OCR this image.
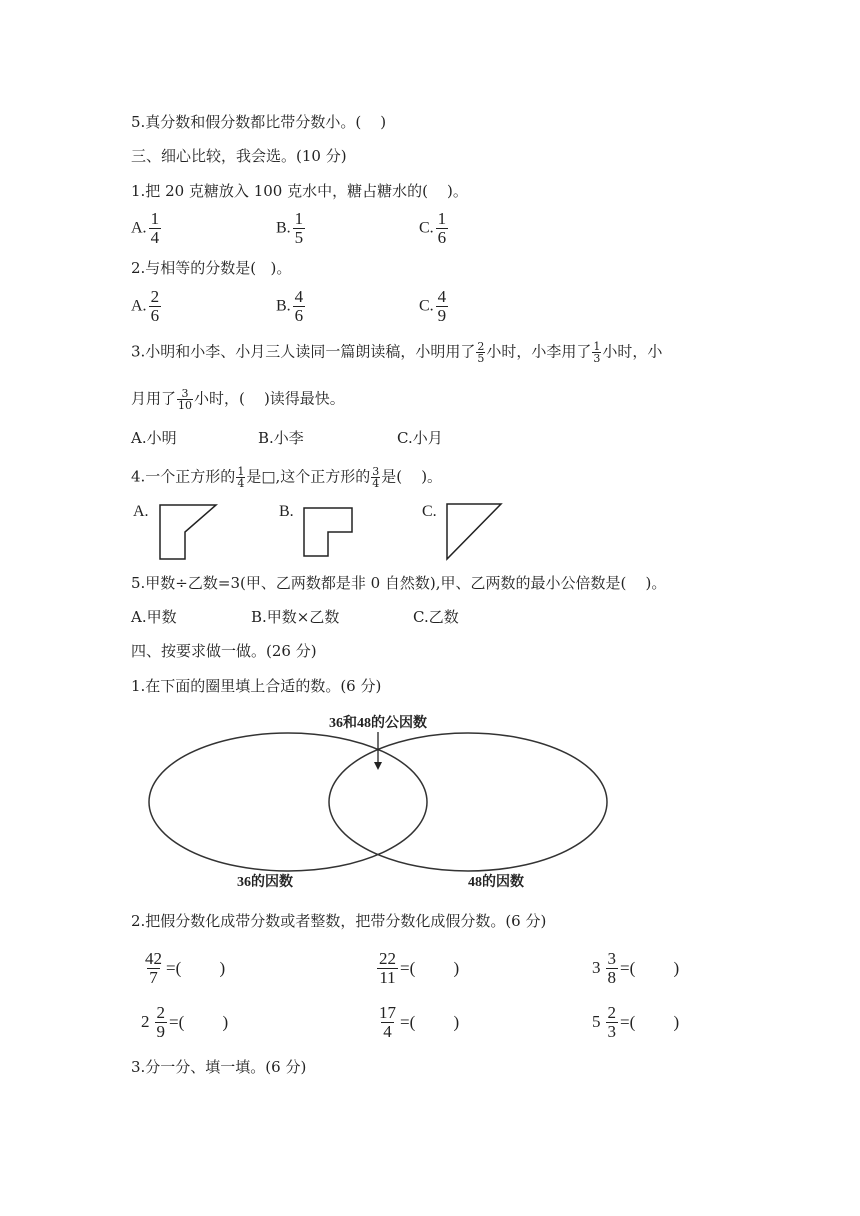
5.真分数和假分数都比带分数小。(    )
三、细心比较，我会选。(10 分)
1.把 20 克糖放入 100 克水中，糖占糖水的(    )。
A. $\frac{1}{4}$	B. $\frac{1}{5}$	C. $\frac{1}{6}$
2.与相等的分数是(   )。
A. $\frac{2}{6}$	B. $\frac{4}{6}$	C. $\frac{4}{9}$
3.小明和小李、小月三人读同一篇朗读稿，小明用了 $\frac{2}{5}$ 小时，小李用了 $\frac{1}{3}$ 小时，小
月用了 $\frac{3}{10}$ 小时，(    )读得最快。
A.小明	B.小李	C.小月
4.一个正方形的 $\frac{1}{4}$ 是□,这个正方形的 $\frac{3}{4}$ 是(    )。
A.	B.	C.
5.甲数÷乙数=3(甲、乙两数都是非 0 自然数),甲、乙两数的最小公倍数是(    )。
A.甲数	B.甲数×乙数	C.乙数
四、按要求做一做。(26 分)
1.在下面的圈里填上合适的数。(6 分)
36和48的公因数
36的因数	48的因数
2.把假分数化成带分数或者整数，把带分数化成假分数。(6 分)
$\frac{42}{7}$ =(         )	$\frac{22}{11}$ =(         )	$3 \frac{3}{8}$ =(         )
$2 \frac{2}{9}$ =(         )	$\frac{17}{4}$ =(         )	$5 \frac{2}{3}$ =(         )
3.分一分、填一填。(6 分)
